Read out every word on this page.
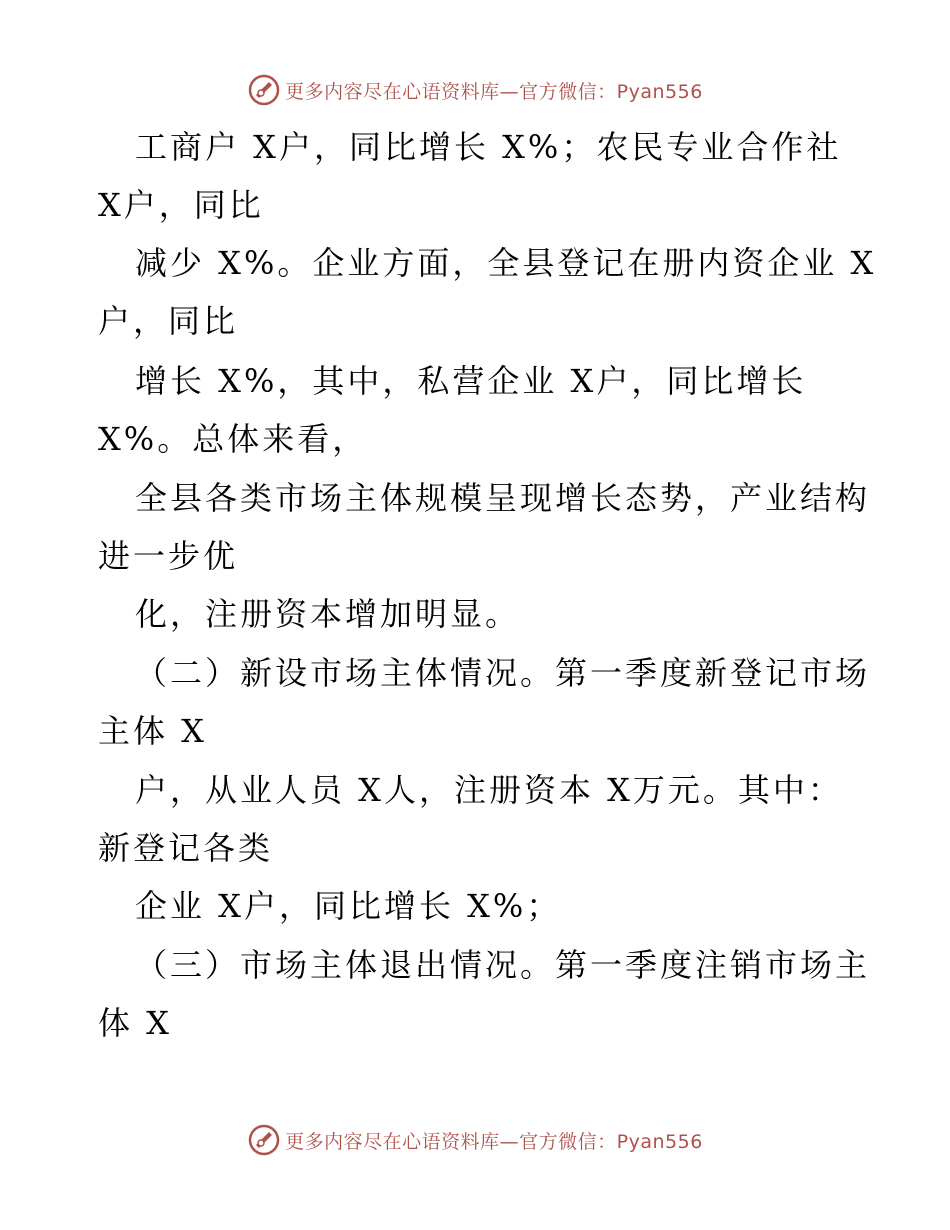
更多内容尽在心语资料库—官方微信：Pyan556
工商户 X户，同比增长 X%；农民专业合作社
X户，同比
减少 X%。企业方面，全县登记在册内资企业 X
户，同比
增长 X%，其中，私营企业 X户，同比增长
X%。总体来看，
全县各类市场主体规模呈现增长态势，产业结构
进一步优
化，注册资本增加明显。
（二）新设市场主体情况。第一季度新登记市场
主体 X
户，从业人员 X人，注册资本 X万元。其中：
新登记各类
企业 X户，同比增长 X%；
（三）市场主体退出情况。第一季度注销市场主
体 X
更多内容尽在心语资料库—官方微信：Pyan556
